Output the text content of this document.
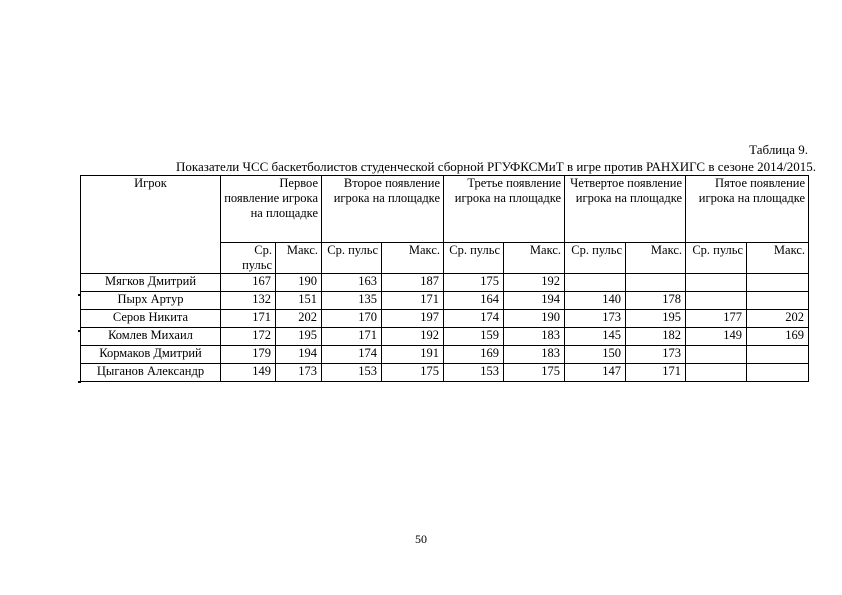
Таблица 9.
Показатели ЧСС баскетболистов студенческой сборной РГУФКСМиТ в игре против РАНХИГС в сезоне 2014/2015.
Игрок	Первое появление игрока на площадке		Второе появление игрока на площадке		Третье появление игрока на площадке		Четвертое появление игрока на площадке		Пятое появление игрока на площадке	
	Ср. пульс	Макс.	Ср. пульс	Макс.	Ср. пульс	Макс.	Ср. пульс	Макс.	Ср. пульс	Макс.
Мягков Дмитрий	167	190	163	187	175	192				
Пырх Артур	132	151	135	171	164	194	140	178		
Серов Никита	171	202	170	197	174	190	173	195	177	202
Комлев Михаил	172	195	171	192	159	183	145	182	149	169
Кормаков Дмитрий	179	194	174	191	169	183	150	173		
Цыганов Александр	149	173	153	175	153	175	147	171		
50
